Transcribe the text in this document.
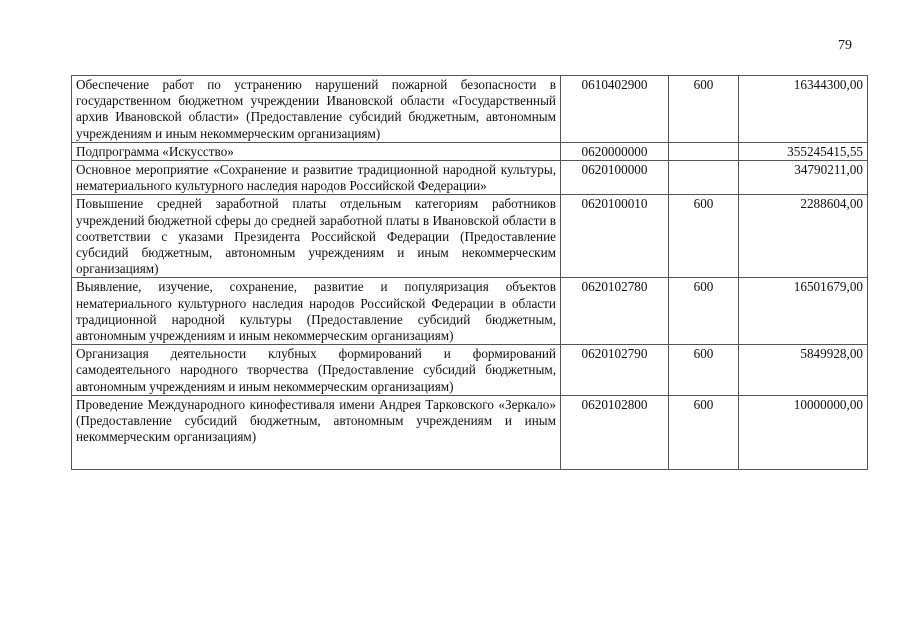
79
Обеспечение работ по устранению нарушений пожарной безопасности в государственном бюджетном учреждении Ивановской области «Государственный архив Ивановской области» (Предоставление субсидий бюджетным, автономным учреждениям и иным некоммерческим организациям)	0610402900	600	16344300,00
Подпрограмма «Искусство»	0620000000		355245415,55
Основное мероприятие «Сохранение и развитие традиционной народной культуры, нематериального культурного наследия народов Российской Федерации»	0620100000		34790211,00
Повышение средней заработной платы отдельным категориям работников учреждений бюджетной сферы до средней заработной платы в Ивановской области в соответствии с указами Президента Российской Федерации (Предоставление субсидий бюджетным, автономным учреждениям и иным некоммерческим организациям)	0620100010	600	2288604,00
Выявление, изучение, сохранение, развитие и популяризация объектов нематериального культурного наследия народов Российской Федерации в области традиционной народной культуры (Предоставление субсидий бюджетным, автономным учреждениям и иным некоммерческим организациям)	0620102780	600	16501679,00
Организация деятельности клубных формирований и формирований самодеятельного народного творчества (Предоставление субсидий бюджетным, автономным учреждениям и иным некоммерческим организациям)	0620102790	600	5849928,00
Проведение Международного кинофестиваля имени Андрея Тарковского «Зеркало» (Предоставление субсидий бюджетным, автономным учреждениям и иным некоммерческим организациям)	0620102800	600	10000000,00
